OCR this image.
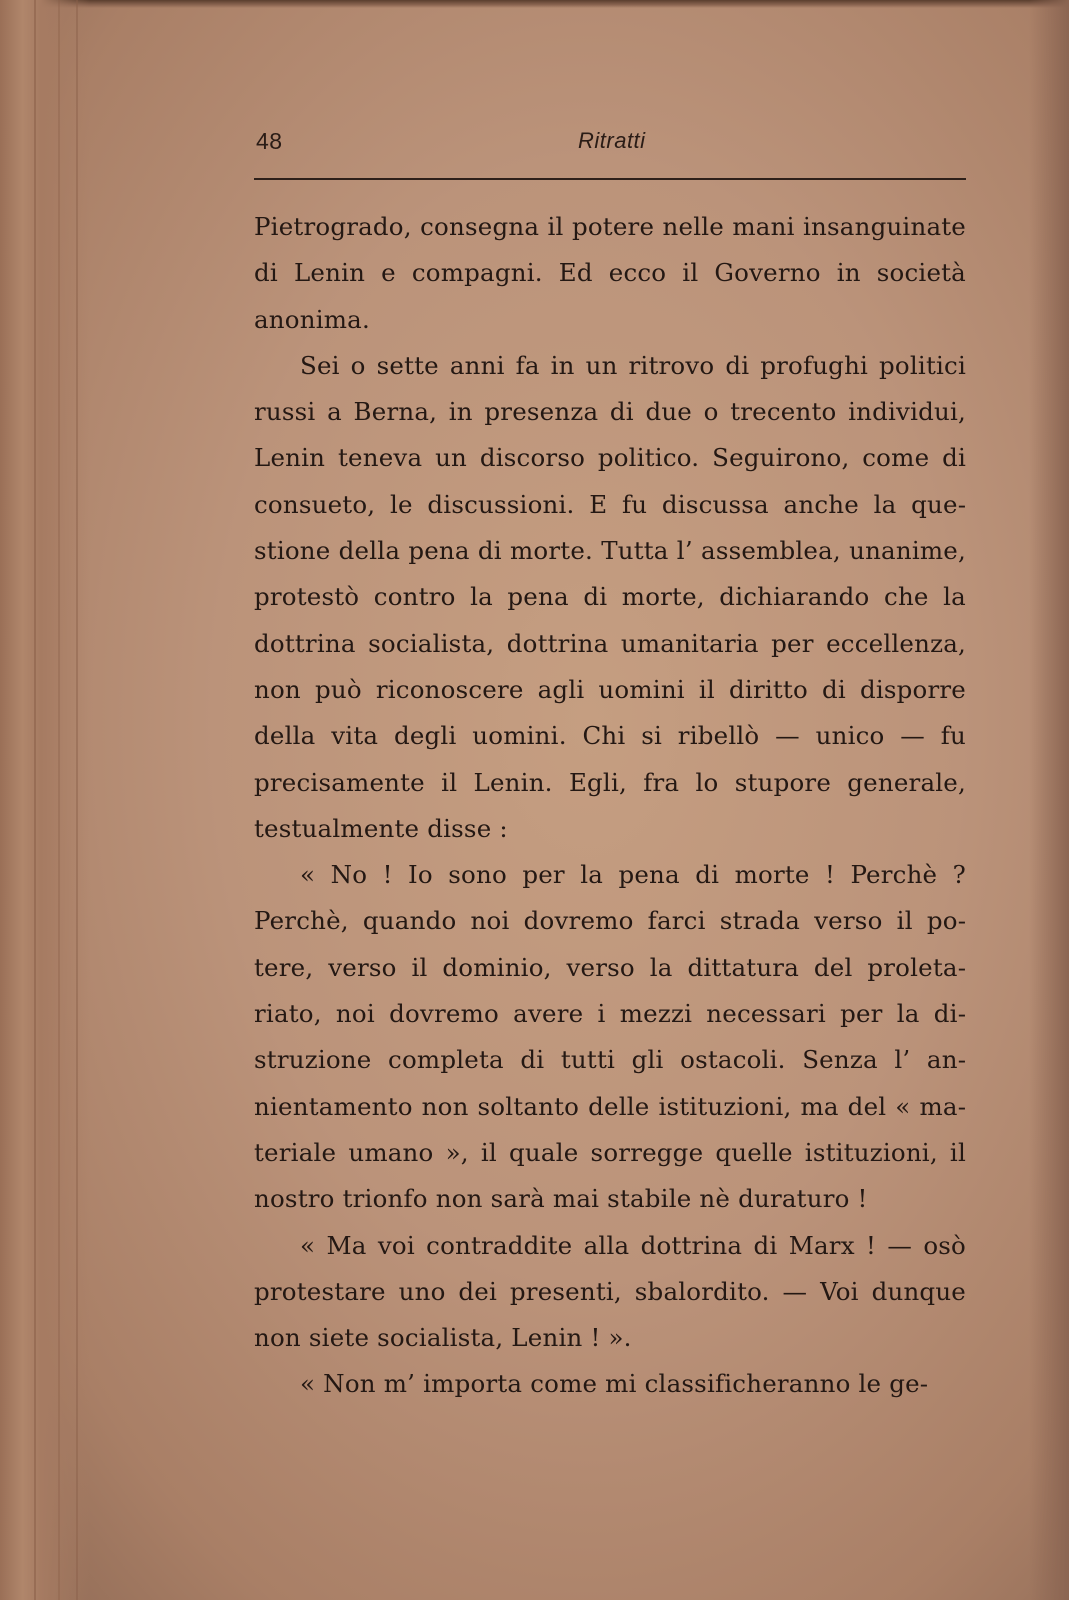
48	Ritratti

Pietrogrado, consegna il potere nelle mani insanguinate di Lenin e compagni. Ed ecco il Governo in società anonima.

Sei o sette anni fa in un ritrovo di profughi politici russi a Berna, in presenza di due o trecento individui, Lenin teneva un discorso politico. Seguirono, come di consueto, le discussioni. E fu discussa anche la questione della pena di morte. Tutta l’ assemblea, unanime, protestò contro la pena di morte, dichiarando che la dottrina socialista, dottrina umanitaria per eccellenza, non può riconoscere agli uomini il diritto di disporre della vita degli uomini. Chi si ribellò — unico — fu precisamente il Lenin. Egli, fra lo stupore generale, testualmente disse :

« No ! Io sono per la pena di morte ! Perchè ? Perchè, quando noi dovremo farci strada verso il potere, verso il dominio, verso la dittatura del proletariato, noi dovremo avere i mezzi necessari per la distruzione completa di tutti gli ostacoli. Senza l’ annientamento non soltanto delle istituzioni, ma del « materiale umano », il quale sorregge quelle istituzioni, il nostro trionfo non sarà mai stabile nè duraturo !

« Ma voi contraddite alla dottrina di Marx ! — osò protestare uno dei presenti, sbalordito. — Voi dunque non siete socialista, Lenin ! ».

« Non m’ importa come mi classificheranno le ge-
